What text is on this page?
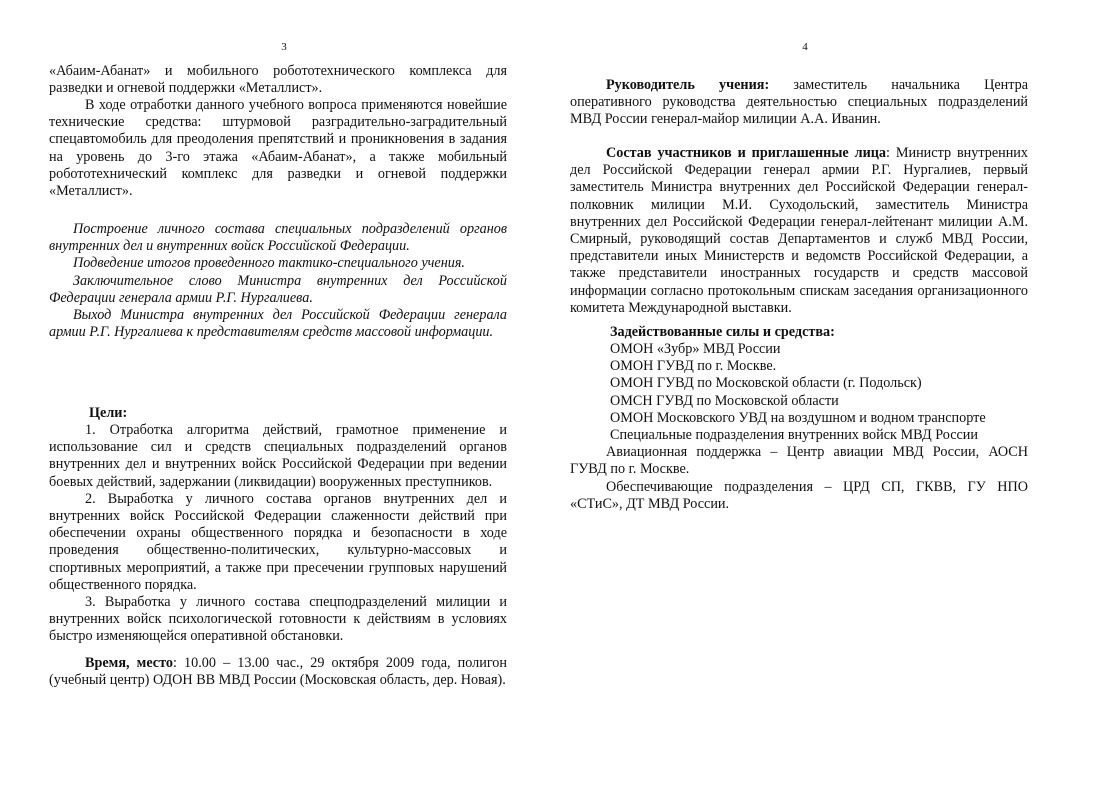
3

«Абаим-Абанат» и мобильного робототехнического комплекса для разведки и огневой поддержки «Металлист».

В ходе отработки данного учебного вопроса применяются новейшие технические средства: штурмовой разградительно-заградительный спецавтомобиль для преодоления препятствий и проникновения в задания на уровень до 3-го этажа «Абаим-Абанат», а также мобильный робототехнический комплекс для разведки и огневой поддержки «Металлист».

Построение личного состава специальных подразделений органов внутренних дел и внутренних войск Российской Федерации.

Подведение итогов проведенного тактико-специального учения.

Заключительное слово Министра внутренних дел Российской Федерации генерала армии Р.Г. Нургалиева.

Выход Министра внутренних дел Российской Федерации генерала армии Р.Г. Нургалиева к представителям средств массовой информации.

Цели:

1. Отработка алгоритма действий, грамотное применение и использование сил и средств специальных подразделений органов внутренних дел и внутренних войск Российской Федерации при ведении боевых действий, задержании (ликвидации) вооруженных преступников.

2. Выработка у личного состава органов внутренних дел и внутренних войск Российской Федерации слаженности действий при обеспечении охраны общественного порядка и безопасности в ходе проведения общественно-политических, культурно-массовых и спортивных мероприятий, а также при пресечении групповых нарушений общественного порядка.

3. Выработка у личного состава спецподразделений милиции и внутренних войск психологической готовности к действиям в условиях быстро изменяющейся оперативной обстановки.

Время, место: 10.00 – 13.00 час., 29 октября 2009 года, полигон (учебный центр) ОДОН ВВ МВД России (Московская область, дер. Новая).

4

Руководитель учения: заместитель начальника Центра оперативного руководства деятельностью специальных подразделений МВД России генерал-майор милиции А.А. Иванин.

Состав участников и приглашенные лица: Министр внутренних дел Российской Федерации генерал армии Р.Г. Нургалиев, первый заместитель Министра внутренних дел Российской Федерации генерал-полковник милиции М.И. Суходольский, заместитель Министра внутренних дел Российской Федерации генерал-лейтенант милиции А.М. Смирный, руководящий состав Департаментов и служб МВД России, представители иных Министерств и ведомств Российской Федерации, а также представители иностранных государств и средств массовой информации согласно протокольным спискам заседания организационного комитета Международной выставки.

Задействованные силы и средства:

ОМОН «Зубр» МВД России

ОМОН ГУВД по г. Москве.

ОМОН ГУВД по Московской области (г. Подольск)

ОМСН ГУВД по Московской области

ОМОН Московского УВД на воздушном и водном транспорте

Специальные подразделения внутренних войск МВД России

Авиационная поддержка – Центр авиации МВД России, АОСН ГУВД по г. Москве.

Обеспечивающие подразделения – ЦРД СП, ГКВВ, ГУ НПО «СТиС», ДТ МВД России.
